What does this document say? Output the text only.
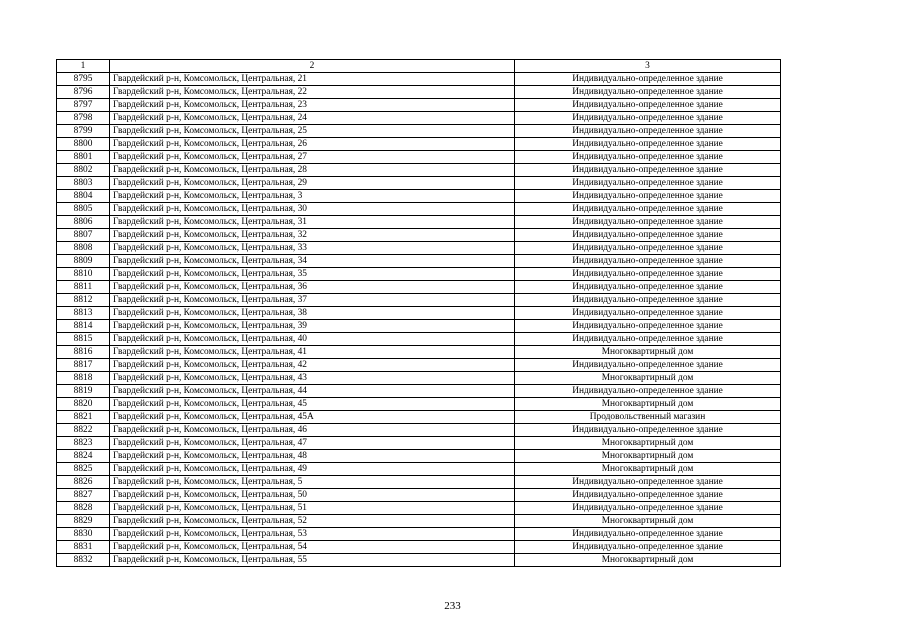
1	2	3
8795	Гвардейский р-н, Комсомольск, Центральная, 21	Индивидуально-определенное здание
8796	Гвардейский р-н, Комсомольск, Центральная, 22	Индивидуально-определенное здание
8797	Гвардейский р-н, Комсомольск, Центральная, 23	Индивидуально-определенное здание
8798	Гвардейский р-н, Комсомольск, Центральная, 24	Индивидуально-определенное здание
8799	Гвардейский р-н, Комсомольск, Центральная, 25	Индивидуально-определенное здание
8800	Гвардейский р-н, Комсомольск, Центральная, 26	Индивидуально-определенное здание
8801	Гвардейский р-н, Комсомольск, Центральная, 27	Индивидуально-определенное здание
8802	Гвардейский р-н, Комсомольск, Центральная, 28	Индивидуально-определенное здание
8803	Гвардейский р-н, Комсомольск, Центральная, 29	Индивидуально-определенное здание
8804	Гвардейский р-н, Комсомольск, Центральная, 3	Индивидуально-определенное здание
8805	Гвардейский р-н, Комсомольск, Центральная, 30	Индивидуально-определенное здание
8806	Гвардейский р-н, Комсомольск, Центральная, 31	Индивидуально-определенное здание
8807	Гвардейский р-н, Комсомольск, Центральная, 32	Индивидуально-определенное здание
8808	Гвардейский р-н, Комсомольск, Центральная, 33	Индивидуально-определенное здание
8809	Гвардейский р-н, Комсомольск, Центральная, 34	Индивидуально-определенное здание
8810	Гвардейский р-н, Комсомольск, Центральная, 35	Индивидуально-определенное здание
8811	Гвардейский р-н, Комсомольск, Центральная, 36	Индивидуально-определенное здание
8812	Гвардейский р-н, Комсомольск, Центральная, 37	Индивидуально-определенное здание
8813	Гвардейский р-н, Комсомольск, Центральная, 38	Индивидуально-определенное здание
8814	Гвардейский р-н, Комсомольск, Центральная, 39	Индивидуально-определенное здание
8815	Гвардейский р-н, Комсомольск, Центральная, 40	Индивидуально-определенное здание
8816	Гвардейский р-н, Комсомольск, Центральная, 41	Многоквартирный дом
8817	Гвардейский р-н, Комсомольск, Центральная, 42	Индивидуально-определенное здание
8818	Гвардейский р-н, Комсомольск, Центральная, 43	Многоквартирный дом
8819	Гвардейский р-н, Комсомольск, Центральная, 44	Индивидуально-определенное здание
8820	Гвардейский р-н, Комсомольск, Центральная, 45	Многоквартирный дом
8821	Гвардейский р-н, Комсомольск, Центральная, 45А	Продовольственный магазин
8822	Гвардейский р-н, Комсомольск, Центральная, 46	Индивидуально-определенное здание
8823	Гвардейский р-н, Комсомольск, Центральная, 47	Многоквартирный дом
8824	Гвардейский р-н, Комсомольск, Центральная, 48	Многоквартирный дом
8825	Гвардейский р-н, Комсомольск, Центральная, 49	Многоквартирный дом
8826	Гвардейский р-н, Комсомольск, Центральная, 5	Индивидуально-определенное здание
8827	Гвардейский р-н, Комсомольск, Центральная, 50	Индивидуально-определенное здание
8828	Гвардейский р-н, Комсомольск, Центральная, 51	Индивидуально-определенное здание
8829	Гвардейский р-н, Комсомольск, Центральная, 52	Многоквартирный дом
8830	Гвардейский р-н, Комсомольск, Центральная, 53	Индивидуально-определенное здание
8831	Гвардейский р-н, Комсомольск, Центральная, 54	Индивидуально-определенное здание
8832	Гвардейский р-н, Комсомольск, Центральная, 55	Многоквартирный дом
233
